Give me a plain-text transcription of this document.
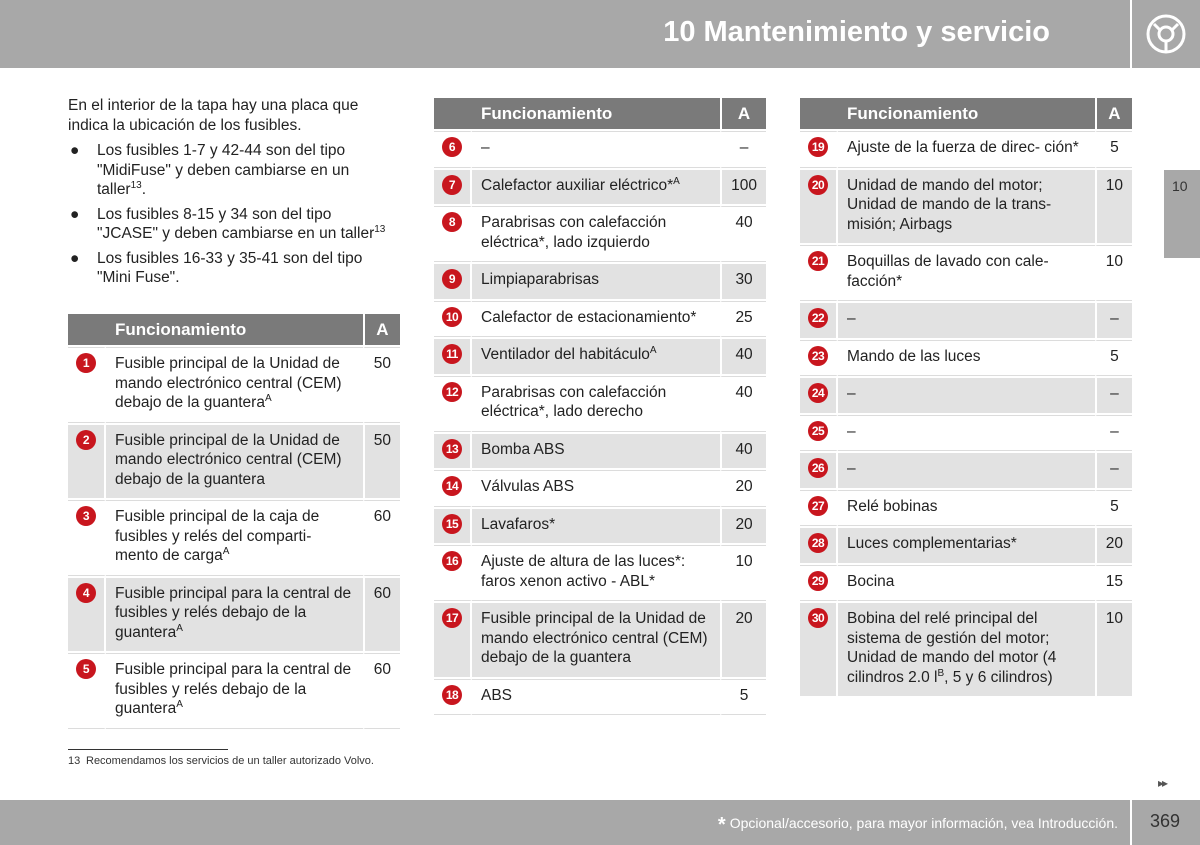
10 Mantenimiento y servicio
10

En el interior de la tapa hay una placa que indica la ubicación de los fusibles.

● Los fusibles 1-7 y 42-44 son del tipo "MidiFuse" y deben cambiarse en un taller$^{13}$.
● Los fusibles 8-15 y 34 son del tipo "JCASE" y deben cambiarse en un taller$^{13}$
● Los fusibles 16-33 y 35-41 son del tipo "Mini Fuse".
	Funcionamiento	A
1	Fusible principal de la Unidad de mando electrónico central (CEM) debajo de la guantera$^A$	50
2	Fusible principal de la Unidad de mando electrónico central (CEM) debajo de la guantera	50
3	Fusible principal de la caja de fusibles y relés del comparti- mento de carga$^A$	60
4	Fusible principal para la central de fusibles y relés debajo de la guantera$^A$	60
5	Fusible principal para la central de fusibles y relés debajo de la guantera$^A$	60
	Funcionamiento	A
6	–	–
7	Calefactor auxiliar eléctrico*$^A$	100
8	Parabrisas con calefacción eléctrica*, lado izquierdo	40
9	Limpiaparabrisas	30
10	Calefactor de estacionamiento*	25
11	Ventilador del habitáculo$^A$	40
12	Parabrisas con calefacción eléctrica*, lado derecho	40
13	Bomba ABS	40
14	Válvulas ABS	20
15	Lavafaros*	20
16	Ajuste de altura de las luces*: faros xenon activo - ABL*	10
17	Fusible principal de la Unidad de mando electrónico central (CEM) debajo de la guantera	20
18	ABS	5
	Funcionamiento	A
19	Ajuste de la fuerza de direc- ción*	5
20	Unidad de mando del motor; Unidad de mando de la trans- misión; Airbags	10
21	Boquillas de lavado con cale- facción*	10
22	–	–
23	Mando de las luces	5
24	–	–
25	–	–
26	–	–
27	Relé bobinas	5
28	Luces complementarias*	20
29	Bocina	15
30	Bobina del relé principal del sistema de gestión del motor; Unidad de mando del motor (4 cilindros 2.0 $l^B$, 5 y 6 cilindros)	10
13 Recomendamos los servicios de un taller autorizado Volvo.
▸▸
* Opcional/accesorio, para mayor información, vea Introducción. 369
